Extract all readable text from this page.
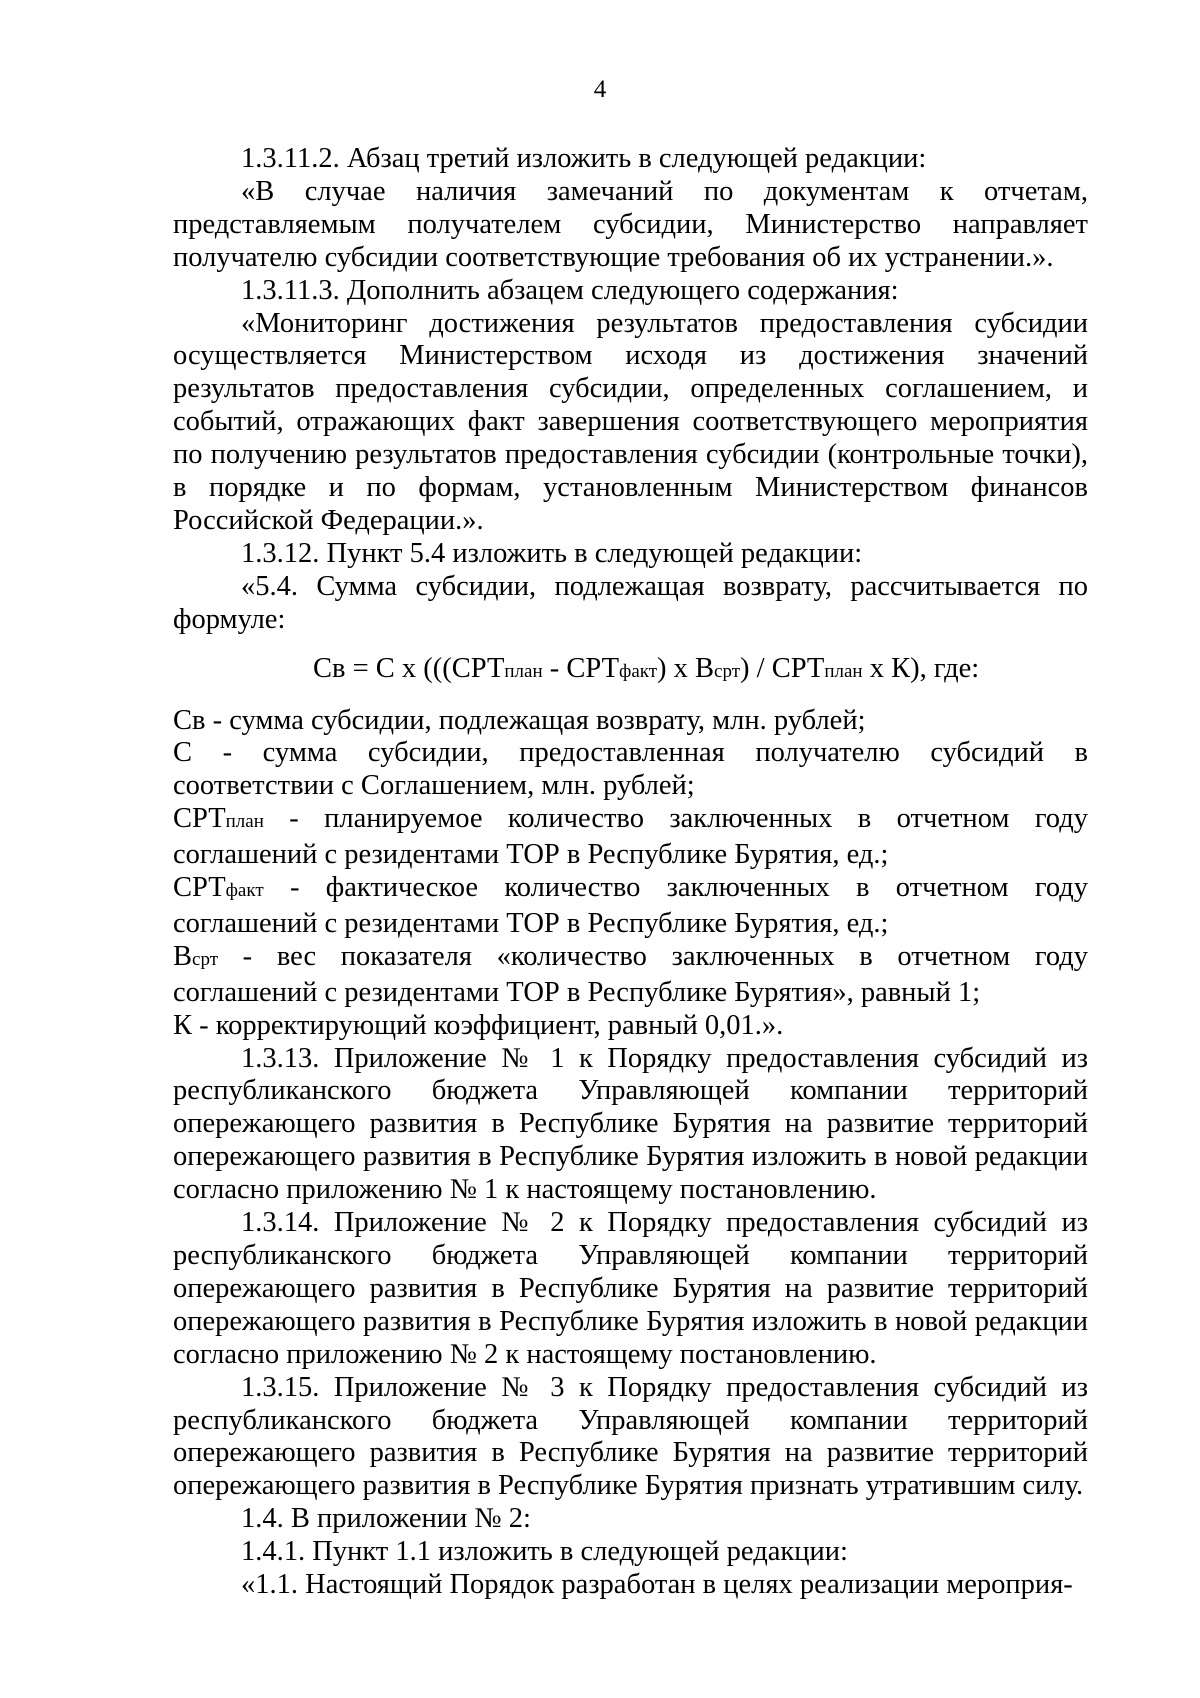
4

1.3.11.2. Абзац третий изложить в следующей редакции:

«В случае наличия замечаний по документам к отчетам, представляемым получателем субсидии, Министерство направляет получателю субсидии соответствующие требования об их устранении.».

1.3.11.3. Дополнить абзацем следующего содержания:

«Мониторинг достижения результатов предоставления субсидии осуществляется Министерством исходя из достижения значений результатов предоставления субсидии, определенных соглашением, и событий, отражающих факт завершения соответствующего мероприятия по получению результатов предоставления субсидии (контрольные точки), в порядке и по формам, установленным Министерством финансов Российской Федерации.».

1.3.12. Пункт 5.4 изложить в следующей редакции:

«5.4. Сумма субсидии, подлежащая возврату, рассчитывается по формуле:

Св = С х (((СРТплан - СРТфакт) х Всрт) / СРТплан х К), где:

Св - сумма субсидии, подлежащая возврату, млн. рублей;

С - сумма субсидии, предоставленная получателю субсидий в соответствии с Соглашением, млн. рублей;

СРТплан - планируемое количество заключенных в отчетном году соглашений с резидентами ТОР в Республике Бурятия, ед.;

СРТфакт - фактическое количество заключенных в отчетном году соглашений с резидентами ТОР в Республике Бурятия, ед.;

Всрт - вес показателя «количество заключенных в отчетном году соглашений с резидентами ТОР в Республике Бурятия», равный 1;

К - корректирующий коэффициент, равный 0,01.».

1.3.13. Приложение № 1 к Порядку предоставления субсидий из республиканского бюджета Управляющей компании территорий опережающего развития в Республике Бурятия на развитие территорий опережающего развития в Республике Бурятия изложить в новой редакции согласно приложению № 1 к настоящему постановлению.

1.3.14. Приложение № 2 к Порядку предоставления субсидий из республиканского бюджета Управляющей компании территорий опережающего развития в Республике Бурятия на развитие территорий опережающего развития в Республике Бурятия изложить в новой редакции согласно приложению № 2 к настоящему постановлению.

1.3.15. Приложение № 3 к Порядку предоставления субсидий из республиканского бюджета Управляющей компании территорий опережающего развития в Республике Бурятия на развитие территорий опережающего развития в Республике Бурятия признать утратившим силу.

1.4. В приложении № 2:

1.4.1. Пункт 1.1 изложить в следующей редакции:

«1.1. Настоящий Порядок разработан в целях реализации мероприя-
